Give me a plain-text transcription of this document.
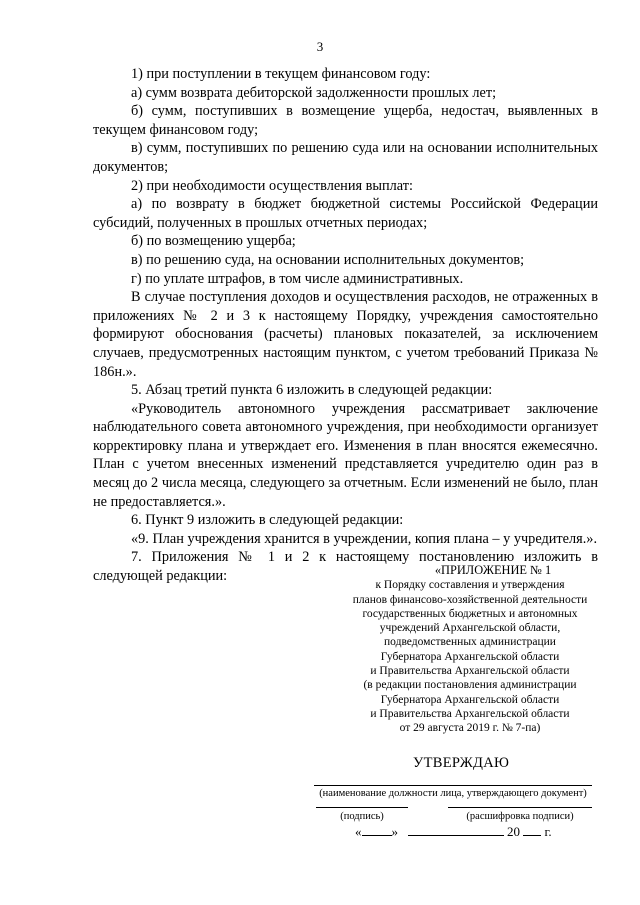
3

1) при поступлении в текущем финансовом году:

а) сумм возврата дебиторской задолженности прошлых лет;

б) сумм, поступивших в возмещение ущерба, недостач, выявленных в текущем финансовом году;

в) сумм, поступивших по решению суда или на основании исполнительных документов;

2) при необходимости осуществления выплат:

а) по возврату в бюджет бюджетной системы Российской Федерации субсидий, полученных в прошлых отчетных периодах;

б) по возмещению ущерба;

в) по решению суда, на основании исполнительных документов;

г) по уплате штрафов, в том числе административных.

В случае поступления доходов и осуществления расходов, не отраженных в приложениях № 2 и 3 к настоящему Порядку, учреждения самостоятельно формируют обоснования (расчеты) плановых показателей, за исключением случаев, предусмотренных настоящим пунктом, с учетом требований Приказа № 186н.».

5. Абзац третий пункта 6 изложить в следующей редакции:

«Руководитель автономного учреждения рассматривает заключение наблюдательного совета автономного учреждения, при необходимости организует корректировку плана и утверждает его. Изменения в план вносятся ежемесячно. План с учетом внесенных изменений представляется учредителю один раз в месяц до 2 числа месяца, следующего за отчетным. Если изменений не было, план не предоставляется.».

6. Пункт 9 изложить в следующей редакции:

«9. План учреждения хранится в учреждении, копия плана – у учредителя.».

7. Приложения № 1 и 2 к настоящему постановлению изложить в следующей редакции:	«ПРИЛОЖЕНИЕ № 1
к Порядку составления и утверждения
планов финансово-хозяйственной деятельности
государственных бюджетных и автономных
учреждений Архангельской области,
подведомственных администрации
Губернатора Архангельской области
и Правительства Архангельской области
(в редакции постановления администрации
Губернатора Архангельской области
и Правительства Архангельской области
от 29 августа 2019 г. № 7-па)
УТВЕРЖДАЮ
(наименование должности лица, утверждающего документ)
(подпись)	(расшифровка подписи)
« »	20 г.
